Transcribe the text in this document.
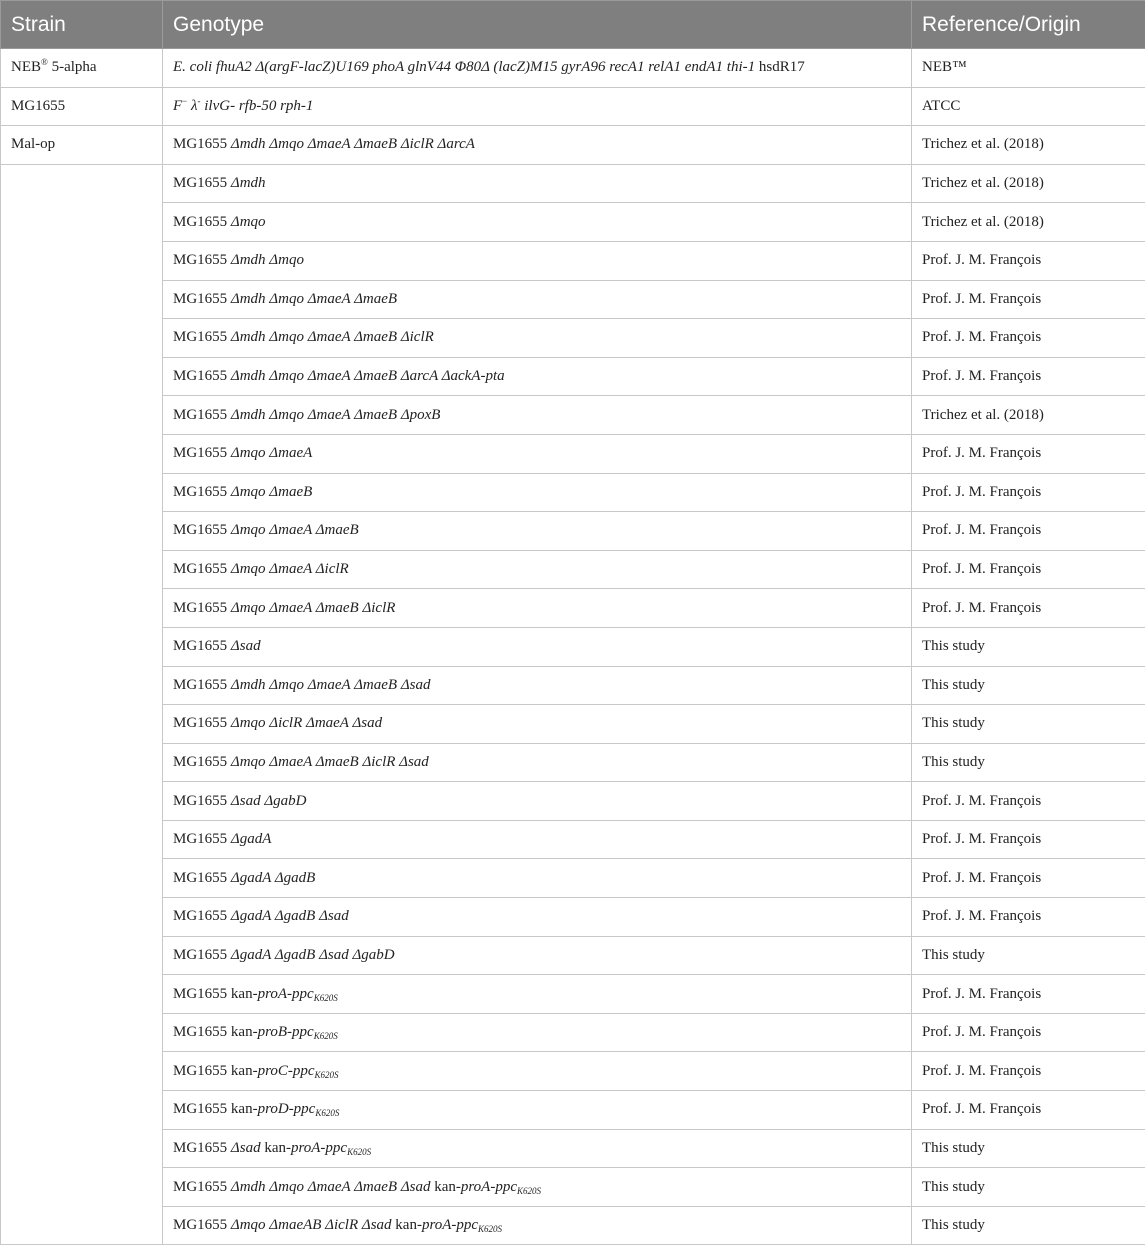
Strain	Genotype	Reference/Origin
NEB® 5-alpha	E. coli fhuA2 Δ(argF-lacZ)U169 phoA glnV44 Φ80Δ (lacZ)M15 gyrA96 recA1 relA1 endA1 thi-1 hsdR17	NEB™
MG1655	F− λ- ilvG- rfb-50 rph-1	ATCC
Mal-op	MG1655 Δmdh Δmqo ΔmaeA ΔmaeB ΔiclR ΔarcA	Trichez et al. (2018)
	MG1655 Δmdh	Trichez et al. (2018)
	MG1655 Δmqo	Trichez et al. (2018)
	MG1655 Δmdh Δmqo	Prof. J. M. François
	MG1655 Δmdh Δmqo ΔmaeA ΔmaeB	Prof. J. M. François
	MG1655 Δmdh Δmqo ΔmaeA ΔmaeB ΔiclR	Prof. J. M. François
	MG1655 Δmdh Δmqo ΔmaeA ΔmaeB ΔarcA ΔackA-pta	Prof. J. M. François
	MG1655 Δmdh Δmqo ΔmaeA ΔmaeB ΔpoxB	Trichez et al. (2018)
	MG1655 Δmqo ΔmaeA	Prof. J. M. François
	MG1655 Δmqo ΔmaeB	Prof. J. M. François
	MG1655 Δmqo ΔmaeA ΔmaeB	Prof. J. M. François
	MG1655 Δmqo ΔmaeA ΔiclR	Prof. J. M. François
	MG1655 Δmqo ΔmaeA ΔmaeB ΔiclR	Prof. J. M. François
	MG1655 Δsad	This study
	MG1655 Δmdh Δmqo ΔmaeA ΔmaeB Δsad	This study
	MG1655 Δmqo ΔiclR ΔmaeA Δsad	This study
	MG1655 Δmqo ΔmaeA ΔmaeB ΔiclR Δsad	This study
	MG1655 Δsad ΔgabD	Prof. J. M. François
	MG1655 ΔgadA	Prof. J. M. François
	MG1655 ΔgadA ΔgadB	Prof. J. M. François
	MG1655 ΔgadA ΔgadB Δsad	Prof. J. M. François
	MG1655 ΔgadA ΔgadB Δsad ΔgabD	This study
	MG1655 kan-proA-ppc$_{K620S}$	Prof. J. M. François
	MG1655 kan-proB-ppc$_{K620S}$	Prof. J. M. François
	MG1655 kan-proC-ppc$_{K620S}$	Prof. J. M. François
	MG1655 kan-proD-ppc$_{K620S}$	Prof. J. M. François
	MG1655 Δsad kan-proA-ppc$_{K620S}$	This study
	MG1655 Δmdh Δmqo ΔmaeA ΔmaeB Δsad kan-proA-ppc$_{K620S}$	This study
	MG1655 Δmqo ΔmaeAB ΔiclR Δsad kan-proA-ppc$_{K620S}$	This study
